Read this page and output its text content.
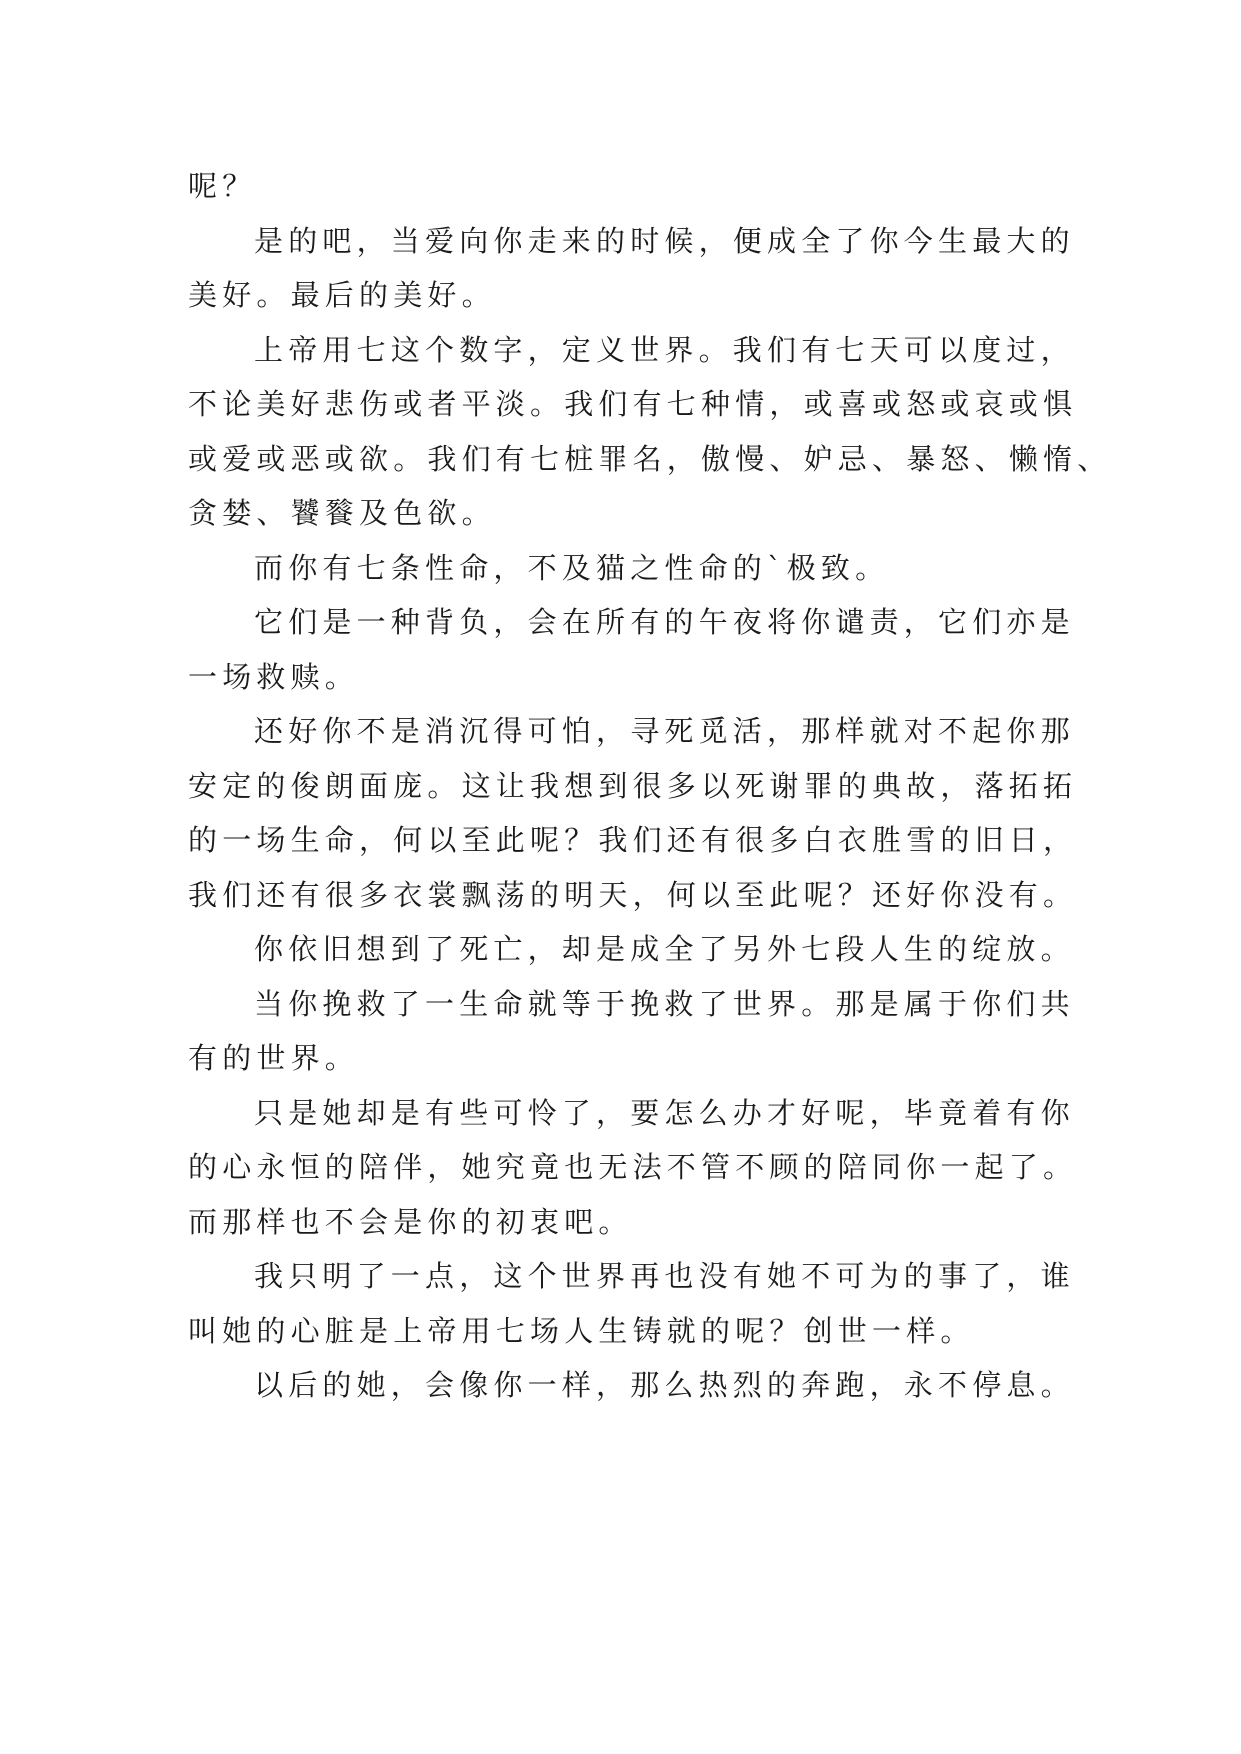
呢？
是的吧，当爱向你走来的时候，便成全了你今生最大的
美好。最后的美好。
上帝用七这个数字，定义世界。我们有七天可以度过，
不论美好悲伤或者平淡。我们有七种情，或喜或怒或哀或惧
或爱或恶或欲。我们有七桩罪名，傲慢、妒忌、暴怒、懒惰、
贪婪、饕餮及色欲。
而你有七条性命，不及猫之性命的`极致。
它们是一种背负，会在所有的午夜将你谴责，它们亦是
一场救赎。
还好你不是消沉得可怕，寻死觅活，那样就对不起你那
安定的俊朗面庞。这让我想到很多以死谢罪的典故，落拓拓
的一场生命，何以至此呢？我们还有很多白衣胜雪的旧日，
我们还有很多衣裳飘荡的明天，何以至此呢？还好你没有。
你依旧想到了死亡，却是成全了另外七段人生的绽放。
当你挽救了一生命就等于挽救了世界。那是属于你们共
有的世界。
只是她却是有些可怜了，要怎么办才好呢，毕竟着有你
的心永恒的陪伴，她究竟也无法不管不顾的陪同你一起了。
而那样也不会是你的初衷吧。
我只明了一点，这个世界再也没有她不可为的事了，谁
叫她的心脏是上帝用七场人生铸就的呢？创世一样。
以后的她，会像你一样，那么热烈的奔跑，永不停息。
